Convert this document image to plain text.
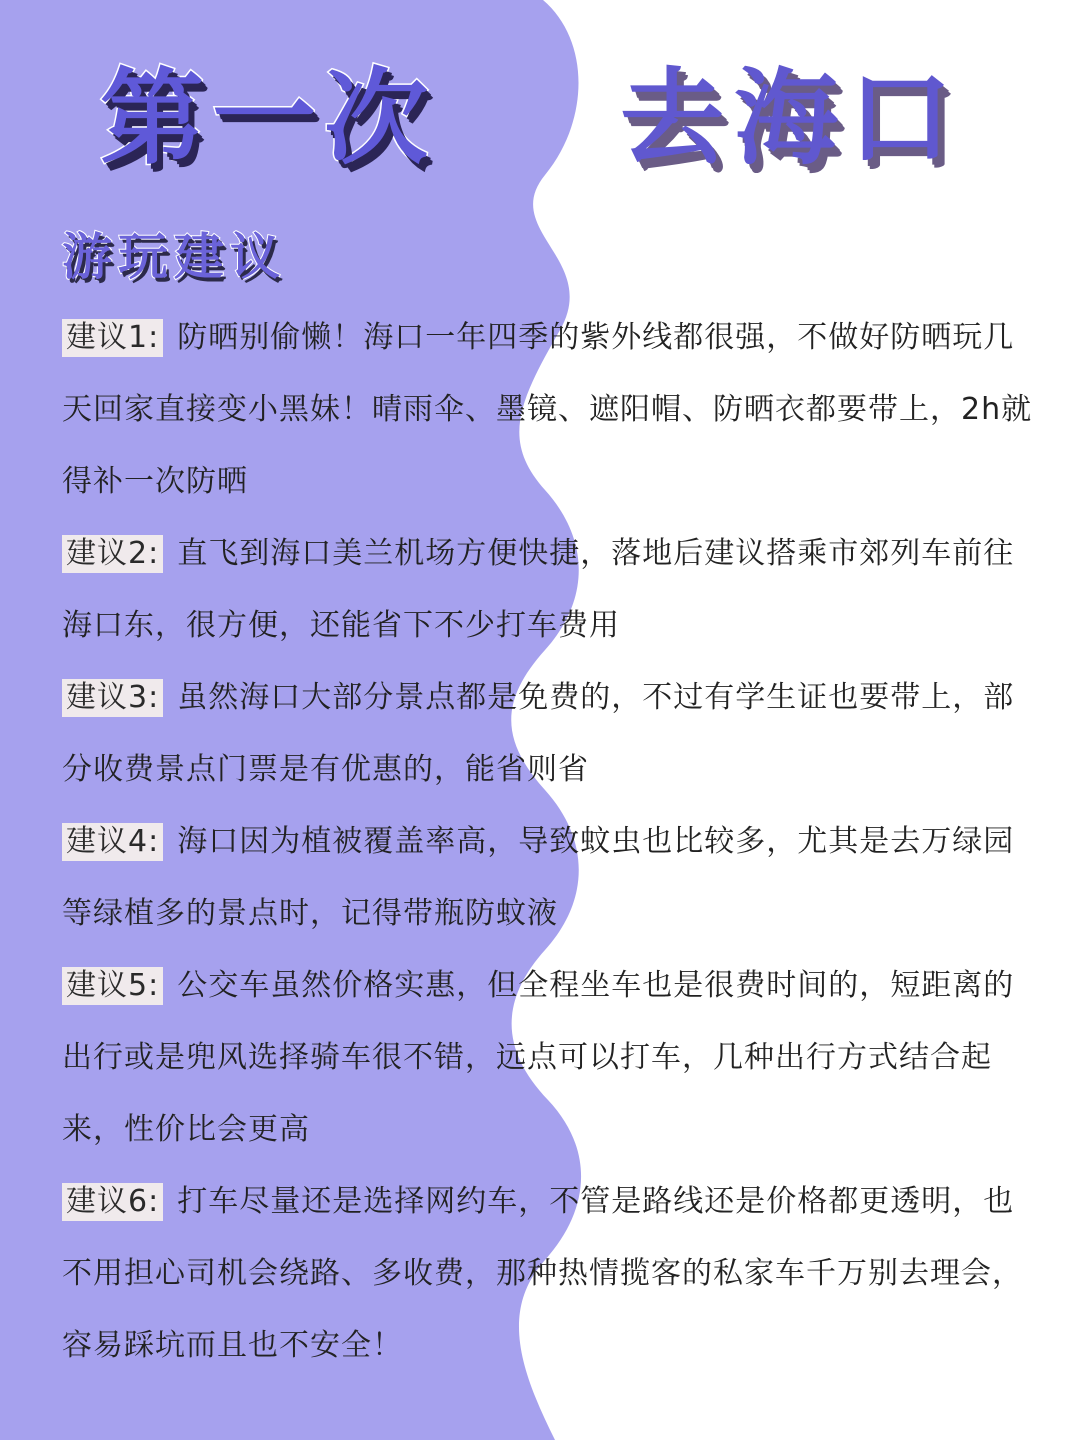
第一次 去海口
游玩建议
建议1: 防晒别偷懒！海口一年四季的紫外线都很强，不做好防晒玩几天回家直接变小黑妹！晴雨伞、墨镜、遮阳帽、防晒衣都要带上，2h就得补一次防晒
建议2: 直飞到海口美兰机场方便快捷，落地后建议搭乘市郊列车前往海口东，很方便，还能省下不少打车费用
建议3: 虽然海口大部分景点都是免费的，不过有学生证也要带上，部分收费景点门票是有优惠的，能省则省
建议4: 海口因为植被覆盖率高，导致蚊虫也比较多，尤其是去万绿园等绿植多的景点时，记得带瓶防蚊液
建议5: 公交车虽然价格实惠，但全程坐车也是很费时间的，短距离的出行或是兜风选择骑车很不错，远点可以打车，几种出行方式结合起来，性价比会更高
建议6: 打车尽量还是选择网约车，不管是路线还是价格都更透明，也不用担心司机会绕路、多收费，那种热情揽客的私家车千万别去理会，容易踩坑而且也不安全！
